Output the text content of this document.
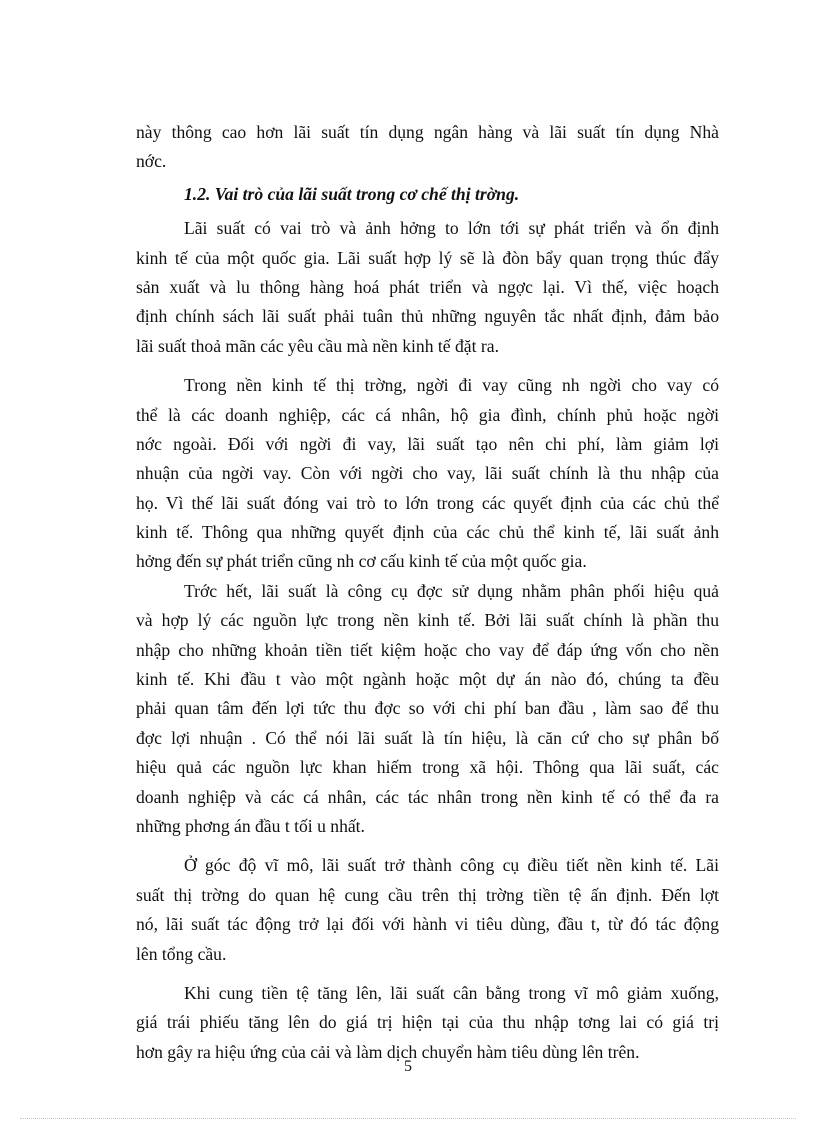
này thông cao hơn lãi suất tín dụng ngân hàng và lãi suất tín dụng Nhà
nớc.
1.2. Vai trò của lãi suất trong cơ chế thị trờng.
Lãi suất có vai trò và ảnh hởng to lớn tới sự phát triển và ổn định
kinh tế của một quốc gia. Lãi suất hợp lý sẽ là đòn bẩy quan trọng thúc đẩy
sản xuất và lu thông hàng hoá phát triển và ngợc lại. Vì thế, việc hoạch
định chính sách lãi suất phải tuân thủ những nguyên tắc nhất định, đảm bảo
lãi suất thoả mãn các yêu cầu mà nền kinh tế đặt ra.
Trong nền kinh tế thị trờng, ngời đi vay cũng nh ngời cho vay có
thể là các doanh nghiệp, các cá nhân, hộ gia đình, chính phủ hoặc ngời
nớc ngoài. Đối với ngời đi vay, lãi suất tạo nên chi phí, làm giảm lợi
nhuận của ngời vay. Còn với ngời cho vay, lãi suất chính là thu nhập của
họ. Vì thế lãi suất đóng vai trò to lớn trong các quyết định của các chủ thể
kinh tế. Thông qua những quyết định của các chủ thể kinh tế, lãi suất ảnh
hởng đến sự phát triển cũng nh cơ cấu kinh tế của một quốc gia.
Trớc hết, lãi suất là công cụ đợc sử dụng nhằm phân phối hiệu quả
và hợp lý các nguồn lực trong nền kinh tế. Bởi lãi suất chính là phần thu
nhập cho những khoản tiền tiết kiệm hoặc cho vay để đáp ứng vốn cho nền
kinh tế. Khi đầu t vào một ngành hoặc một dự án nào đó, chúng ta đều
phải quan tâm đến lợi tức thu đợc so với chi phí ban đầu , làm sao để thu
đợc lợi nhuận . Có thể nói lãi suất là tín hiệu, là căn cứ cho sự phân bố
hiệu quả các nguồn lực khan hiếm trong xã hội. Thông qua lãi suất, các
doanh nghiệp và các cá nhân, các tác nhân trong nền kinh tế có thể đa ra
những phơng án đầu t tối u nhất.
Ở góc độ vĩ mô, lãi suất trở thành công cụ điều tiết nền kinh tế. Lãi
suất thị trờng do quan hệ cung cầu trên thị trờng tiền tệ ấn định. Đến lợt
nó, lãi suất tác động trở lại đối với hành vi tiêu dùng, đầu t, từ đó tác động
lên tổng cầu.
Khi cung tiền tệ tăng lên, lãi suất cân bằng trong vĩ mô giảm xuống,
giá trái phiếu tăng lên do giá trị hiện tại của thu nhập tơng lai có giá trị
hơn gây ra hiệu ứng của cải và làm dịch chuyển hàm tiêu dùng lên trên.
5
